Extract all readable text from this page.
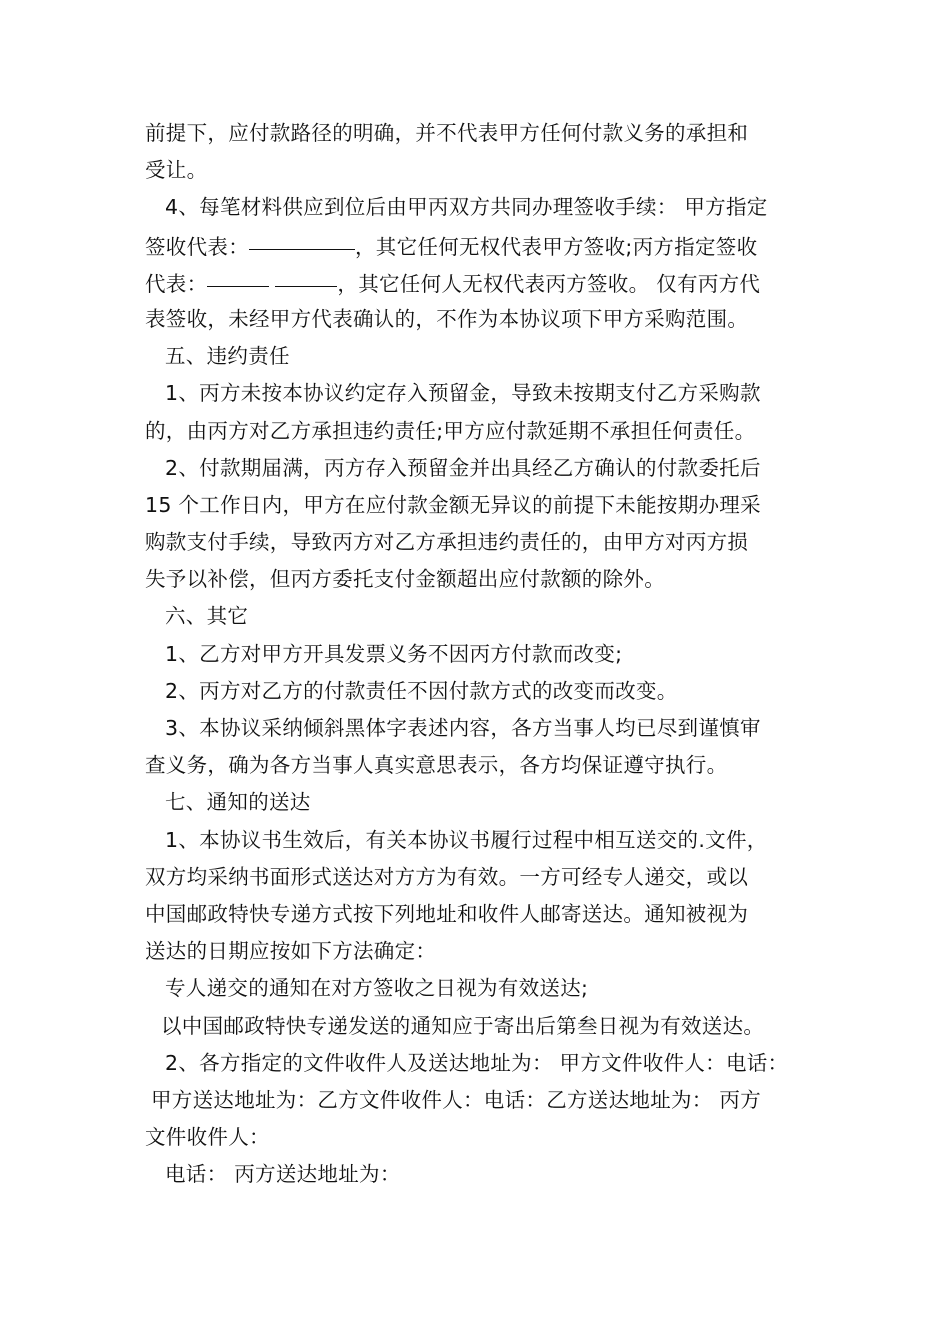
前提下，应付款路径的明确，并不代表甲方任何付款义务的承担和
受让。
4、每笔材料供应到位后由甲丙双方共同办理签收手续： 甲方指定
签收代表：	，其它任何无权代表甲方签收;丙方指定签收
代表：	，其它任何人无权代表丙方签收。 仅有丙方代
表签收，未经甲方代表确认的，不作为本协议项下甲方采购范围。
五、违约责任
1、丙方未按本协议约定存入预留金，导致未按期支付乙方采购款
的，由丙方对乙方承担违约责任;甲方应付款延期不承担任何责任。
2、付款期届满，丙方存入预留金并出具经乙方确认的付款委托后
15 个工作日内，甲方在应付款金额无异议的前提下未能按期办理采
购款支付手续，导致丙方对乙方承担违约责任的，由甲方对丙方损
失予以补偿，但丙方委托支付金额超出应付款额的除外。
六、其它
1、乙方对甲方开具发票义务不因丙方付款而改变;
2、丙方对乙方的付款责任不因付款方式的改变而改变。
3、本协议采纳倾斜黑体字表述内容，各方当事人均已尽到谨慎审
查义务，确为各方当事人真实意思表示，各方均保证遵守执行。
七、通知的送达
1、本协议书生效后，有关本协议书履行过程中相互送交的.文件，
双方均采纳书面形式送达对方方为有效。一方可经专人递交，或以
中国邮政特快专递方式按下列地址和收件人邮寄送达。通知被视为
送达的日期应按如下方法确定：
专人递交的通知在对方签收之日视为有效送达;
以中国邮政特快专递发送的通知应于寄出后第叁日视为有效送达。
2、各方指定的文件收件人及送达地址为： 甲方文件收件人：电话：
甲方送达地址为：乙方文件收件人：电话：乙方送达地址为： 丙方
文件收件人：
电话： 丙方送达地址为：
